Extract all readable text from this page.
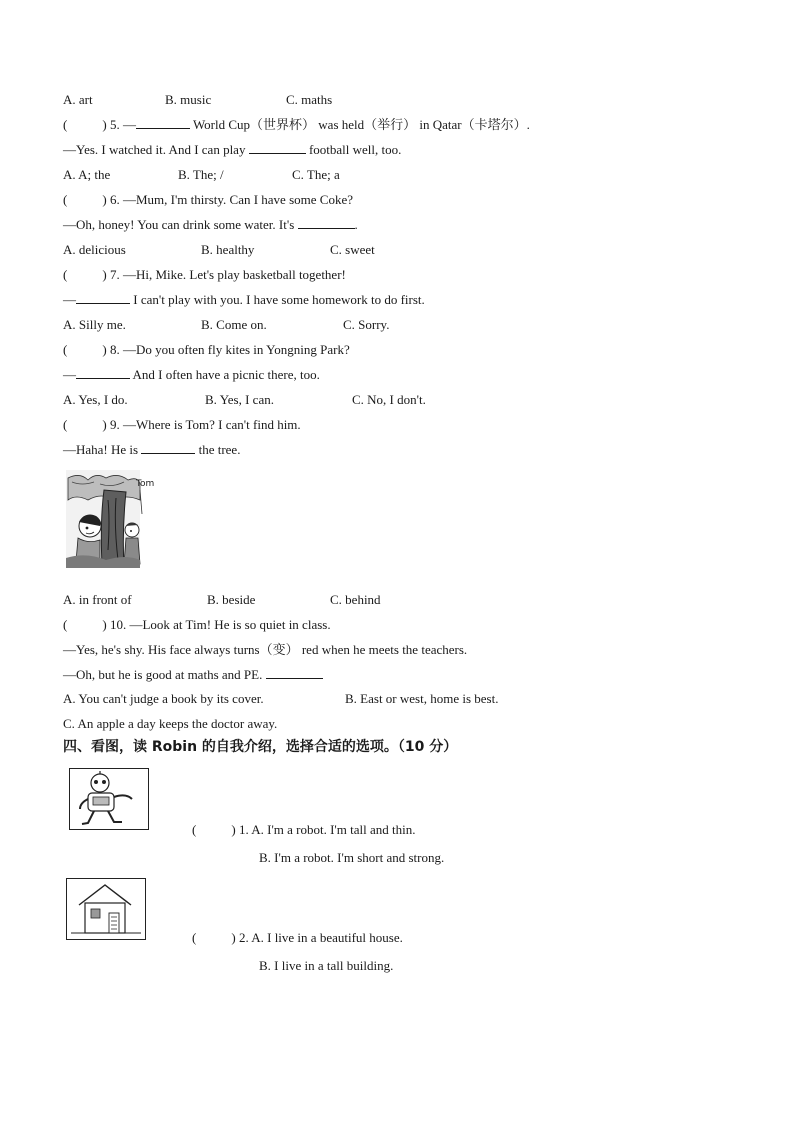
A. art	B. music	C. maths
(	) 5. —	World Cup（世界杯） was held（举行） in Qatar（卡塔尔）.
—Yes. I watched it. And I can play	football well, too.
A. A; the	B. The; /	C. The; a
(	) 6. —Mum, I'm thirsty. Can I have some Coke?
—Oh, honey! You can drink some water. It's	.
A. delicious	B. healthy	C. sweet
(	) 7. —Hi, Mike. Let's play basketball together!
—	I can't play with you. I have some homework to do first.
A. Silly me.	B. Come on.	C. Sorry.
(	) 8. —Do you often fly kites in Yongning Park?
—	And I often have a picnic there, too.
A. Yes, I do.	B. Yes, I can.	C. No, I don't.
(	) 9. —Where is Tom? I can't find him.
—Haha! He is	the tree.
Tom
A. in front of	B. beside	C. behind
(	) 10. —Look at Tim! He is so quiet in class.
—Yes, he's shy. His face always turns（变） red when he meets the teachers.
—Oh, but he is good at maths and PE.
A. You can't judge a book by its cover.	B. East or west, home is best.
C. An apple a day keeps the doctor away.
四、看图，读 Robin 的自我介绍，选择合适的选项。（10 分）
(	) 1. A. I'm a robot. I'm tall and thin.
B. I'm a robot. I'm short and strong.
(	) 2. A. I live in a beautiful house.
B. I live in a tall building.
